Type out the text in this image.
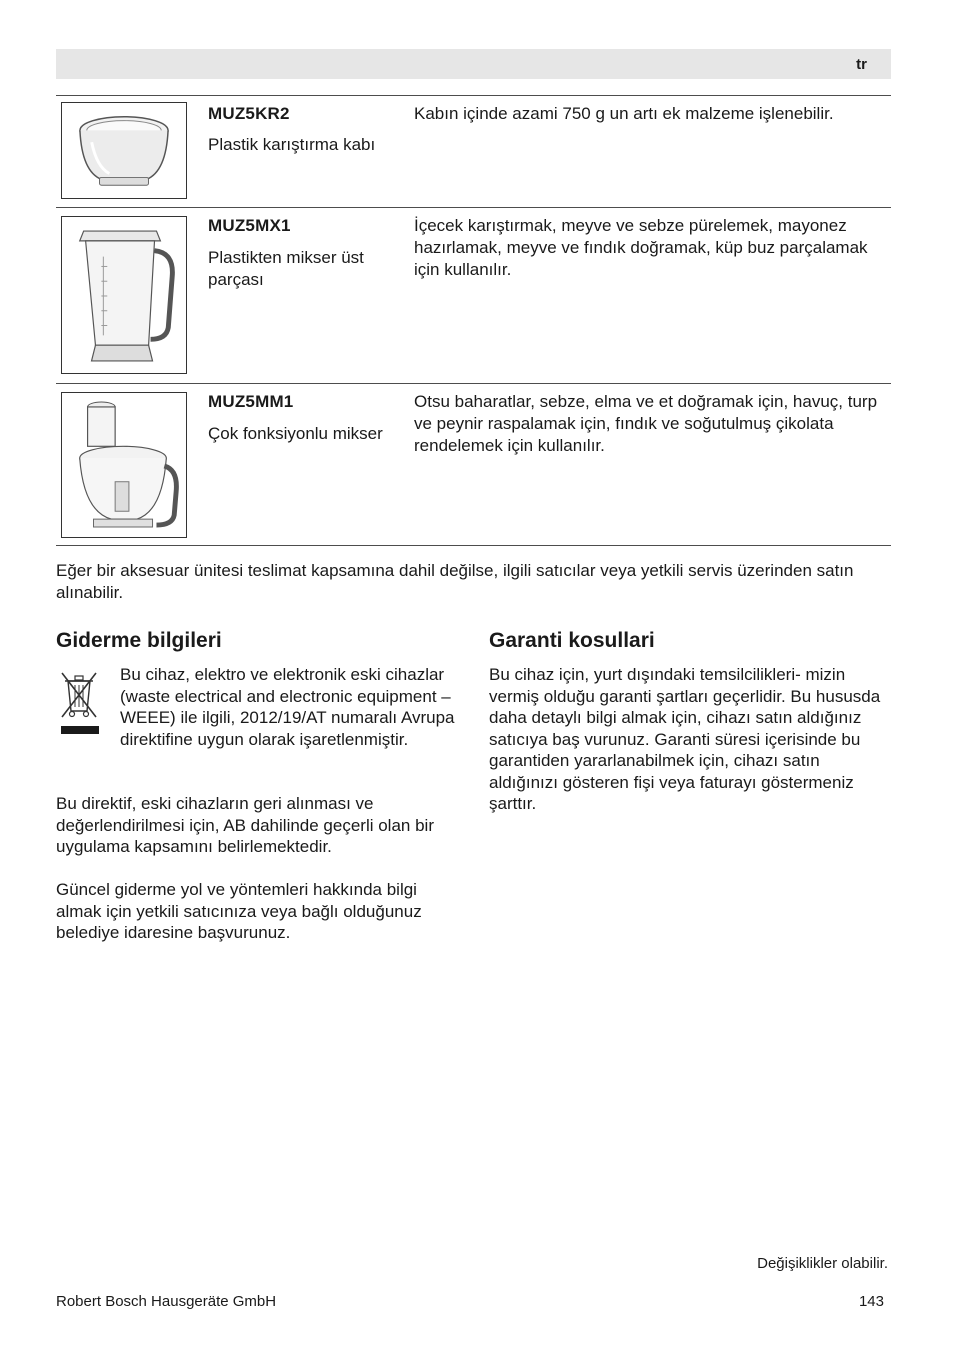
tr
MUZ5KR2
Plastik karıştırma kabı
Kabın içinde azami 750 g un artı ek malzeme işlenebilir.
MUZ5MX1
Plastikten mikser üst parçası
İçecek karıştırmak, meyve ve sebze pürelemek, mayonez hazırlamak, meyve ve fındık doğramak, küp buz parçalamak için kullanılır.
MUZ5MM1
Çok fonksiyonlu mikser
Otsu baharatlar, sebze, elma ve et doğramak için, havuç, turp ve peynir raspalamak için, fındık ve soğutulmuş çikolata rendelemek için kullanılır.
Eğer bir aksesuar ünitesi teslimat kapsamına dahil değilse, ilgili satıcılar veya yetkili servis üzerinden satın alınabilir.
Giderme bilgileri
Bu cihaz, elektro ve elektronik eski cihazlar (waste electrical and electronic equipment – WEEE) ile ilgili, 2012/19/AT numaralı Avrupa direktifine uygun olarak işaretlenmiştir.
Bu direktif, eski cihazların geri alınması ve değerlendirilmesi için, AB dahilinde geçerli olan bir uygulama kapsamını belirlemektedir.
Güncel giderme yol ve yöntemleri hakkında bilgi almak için yetkili satıcınıza veya bağlı olduğunuz belediye idaresine başvurunuz.
Garanti kosullari
Bu cihaz için, yurt dışındaki temsilcilikleri- mizin vermiş olduğu garanti şartları geçerlidir. Bu hususda daha detaylı bilgi almak için, cihazı satın aldığınız satıcıya baş vurunuz. Garanti süresi içerisinde bu garantiden yararlanabilmek için, cihazı satın aldığınızı gösteren fişi veya faturayı göstermeniz şarttır.
Değişiklikler olabilir.
Robert Bosch Hausgeräte GmbH	143
